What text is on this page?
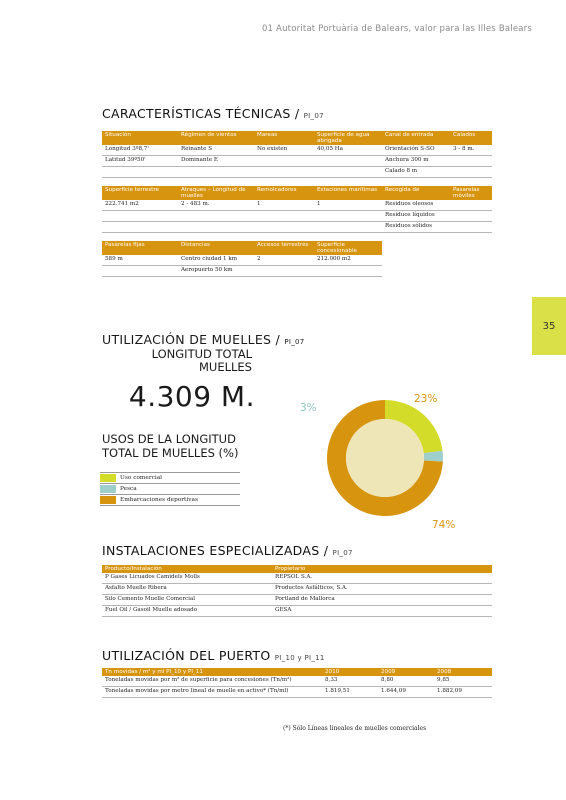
01 Autoritat Portuària de Balears, valor para las Illes Balears
35
CARACTERÍSTICAS TÉCNICAS / PI_07
Situación	Régimen de vientos	Mareas	Superficie de agua abrigada	Canal de entrada	Calados
Longitud 3º8,7'	Reinante S	No existen	40,05 Ha	Orientación S-SO	3 - 8 m.
Latitud 39º50'	Dominante E			Anchura 300 m	
				Calado 8 m	

Superficie terrestre	Atraques – Longitud de muelles	Remolcadores	Estaciones marítimas	Recogida de	Pasarelas móviles
222.741 m2	2 - 483 m.	1	1	Residuos oleosos	
				Residuos líquidos	
				Residuos sólidos	

Pasarelas fijas	Distancias	Accesos terrestres	Superficie concesionable		
589 m	Centro ciudad 1 km	2	212.000 m2		
	Aeropuerto 50 km				
UTILIZACIÓN DE MUELLES / PI_07
LONGITUD TOTAL
MUELLES
4.309 M.
USOS DE LA LONGITUD
TOTAL DE MUELLES (%)
Uso comercial
Pesca
Embarcaciones deportivas
23%
3%
74%
INSTALACIONES ESPECIALIZADAS / PI_07
Producto/Instalación	Propietario
P Gases Licuados Camidels Molls	REPSOL S.A.
Asfalto Muelle Ribera	Productos Asfálticos, S.A.
Silo Cemento Muelle Comercial	Portland de Mallorca
Fuel Oil / Gasoil Muelle adosado	GESA
UTILIZACIÓN DEL PUERTO PI_10 y PI_11
Tn movidas / m² y ml PI_10 y PI_11	2010	2009	2008
Toneladas movidas por m² de superficie para concesiones (Tn/m²)	8,33	8,80	9,85
Toneladas movidas por metro lineal de muelle en activo* (Tn/ml)	1.819,51	1.644,09	1.882,09
(*) Sólo Líneas lineales de muelles comerciales
